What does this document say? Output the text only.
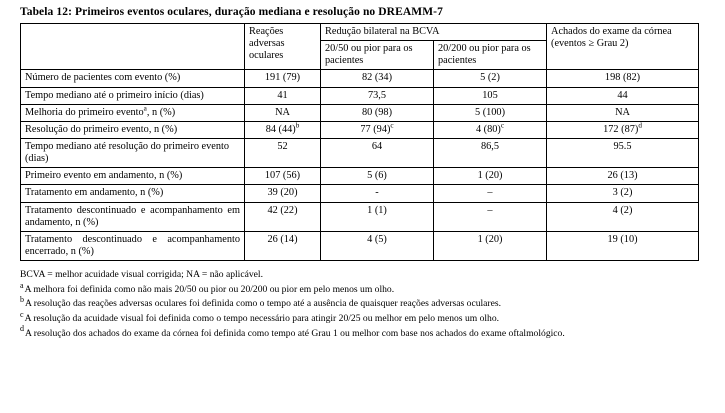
Tabela 12: Primeiros eventos oculares, duração mediana e resolução no DREAMM-7
	Reações adversas oculares	Redução bilateral na BCVA		Achados do exame da córnea (eventos ≥ Grau 2)
		20/50 ou pior para os pacientes	20/200 ou pior para os pacientes	
Número de pacientes com evento (%)	191 (79)	82 (34)	5 (2)	198 (82)
Tempo mediano até o primeiro início (dias)	41	73,5	105	44
Melhoria do primeiro evento$^a$, n (%)	NA	80 (98)	5 (100)	NA
Resolução do primeiro evento, n (%)	84 $(44)^b$	77 $(94)^c$	4 $(80)^c$	172 $(87)^d$
Tempo mediano até resolução do primeiro evento (dias)	52	64	86,5	95.5
Primeiro evento em andamento, n (%)	107 (56)	5 (6)	1 (20)	26 (13)
Tratamento em andamento, n (%)	39 (20)	-	–	3 (2)
Tratamento descontinuado e acompanhamento em andamento, n (%)	42 (22)	1 (1)	–	4 (2)
Tratamento descontinuado e acompanhamento encerrado, n (%)	26 (14)	4 (5)	1 (20)	19 (10)

BCVA = melhor acuidade visual corrigida; NA = não aplicável.

$^a$A melhora foi definida como não mais 20/50 ou pior ou 20/200 ou pior em pelo menos um olho.

$^b$A resolução das reações adversas oculares foi definida como o tempo até a ausência de quaisquer reações adversas oculares.

$^c$A resolução da acuidade visual foi definida como o tempo necessário para atingir 20/25 ou melhor em pelo menos um olho.

$^d$A resolução dos achados do exame da córnea foi definida como tempo até Grau 1 ou melhor com base nos achados do exame oftalmológico.
